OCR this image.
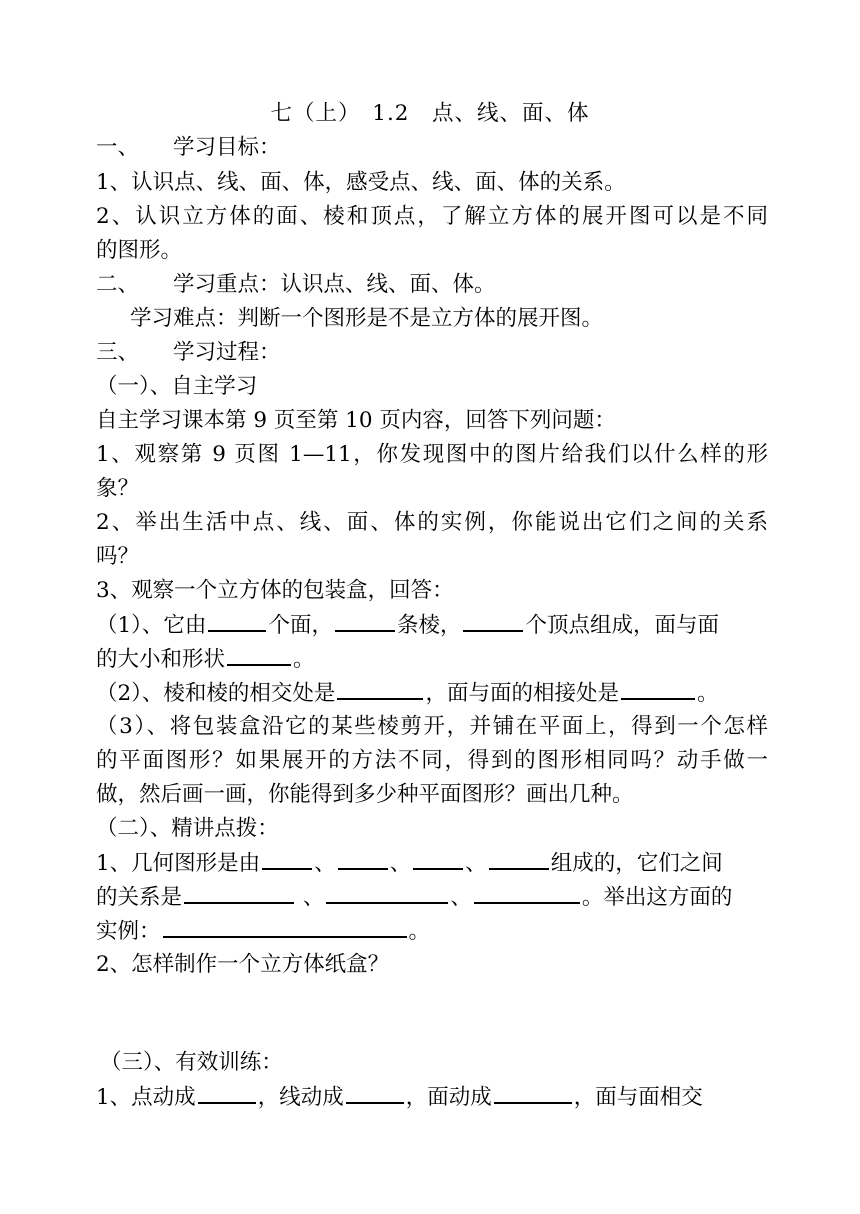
七（上）　1.2　点、线、面、体
一、 学习目标：
1、认识点、线、面、体，感受点、线、面、体的关系。
2、认识立方体的面、棱和顶点，了解立方体的展开图可以是不同
的图形。
二、 学习重点：认识点、线、面、体。
学习难点：判断一个图形是不是立方体的展开图。
三、 学习过程：
（一）、自主学习
自主学习课本第 9 页至第 10 页内容，回答下列问题：
1、观察第 9 页图 1—11，你发现图中的图片给我们以什么样的形
象？
2、举出生活中点、线、面、体的实例，你能说出它们之间的关系
吗？
3、观察一个立方体的包装盒，回答：
（1）、它由	个面，	条棱，	个顶点组成，面与面
的大小和形状	。
（2）、棱和棱的相交处是	，面与面的相接处是	。
（3）、将包装盒沿它的某些棱剪开，并铺在平面上，得到一个怎样
的平面图形？如果展开的方法不同，得到的图形相同吗？动手做一
做，然后画一画，你能得到多少种平面图形？画出几种。
（二）、精讲点拨：
1、几何图形是由	、	、	、	组成的，它们之间
的关系是	、	、	。举出这方面的
实例：	。
2、怎样制作一个立方体纸盒？
（三）、有效训练：
1、点动成	，线动成	，面动成	，面与面相交
